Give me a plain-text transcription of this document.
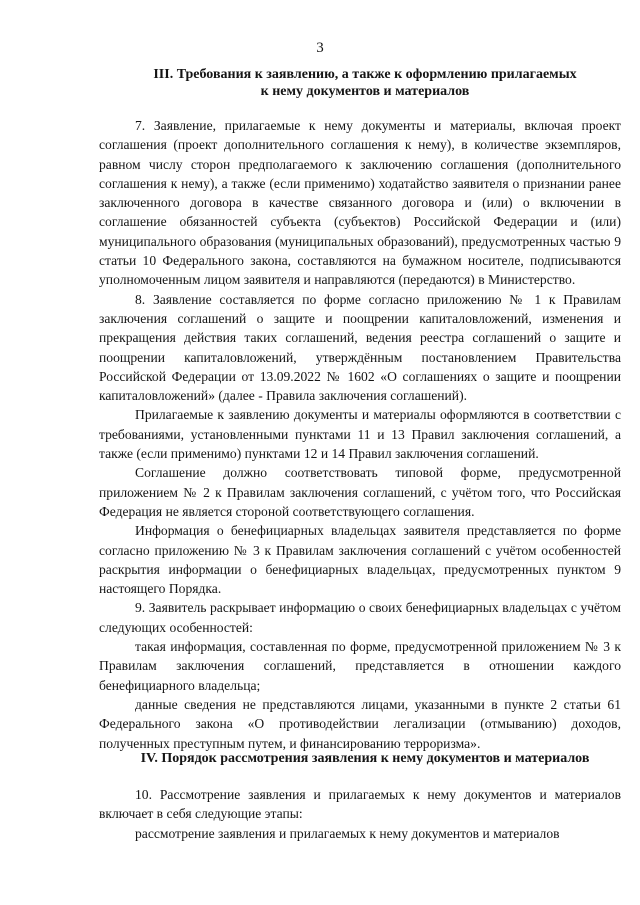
3
III. Требования к заявлению, а также к оформлению прилагаемых
к нему документов и материалов

7. Заявление, прилагаемые к нему документы и материалы, включая проект соглашения (проект дополнительного соглашения к нему), в количестве экземпляров, равном числу сторон предполагаемого к заключению соглашения (дополнительного соглашения к нему), а также (если применимо) ходатайство заявителя о признании ранее заключенного договора в качестве связанного договора и (или) о включении в соглашение обязанностей субъекта (субъектов) Российской Федерации и (или) муниципального образования (муниципальных образований), предусмотренных частью 9 статьи 10 Федерального закона, составляются на бумажном носителе, подписываются уполномоченным лицом заявителя и направляются (передаются) в Министерство.

8. Заявление составляется по форме согласно приложению № 1 к Правилам заключения соглашений о защите и поощрении капиталовложений, изменения и прекращения действия таких соглашений, ведения реестра соглашений о защите и поощрении капиталовложений, утверждённым постановлением Правительства Российской Федерации от 13.09.2022 № 1602 «О соглашениях о защите и поощрении капиталовложений» (далее - Правила заключения соглашений).

Прилагаемые к заявлению документы и материалы оформляются в соответствии с требованиями, установленными пунктами 11 и 13 Правил заключения соглашений, а также (если применимо) пунктами 12 и 14 Правил заключения соглашений.

Соглашение должно соответствовать типовой форме, предусмотренной приложением № 2 к Правилам заключения соглашений, с учётом того, что Российская Федерация не является стороной соответствующего соглашения.

Информация о бенефициарных владельцах заявителя представляется по форме согласно приложению № 3 к Правилам заключения соглашений с учётом особенностей раскрытия информации о бенефициарных владельцах, предусмотренных пунктом 9 настоящего Порядка.

9. Заявитель раскрывает информацию о своих бенефициарных владельцах с учётом следующих особенностей:

такая информация, составленная по форме, предусмотренной приложением № 3 к Правилам заключения соглашений, представляется в отношении каждого бенефициарного владельца;

данные сведения не представляются лицами, указанными в пункте 2 статьи 61 Федерального закона «О противодействии легализации (отмыванию) доходов, полученных преступным путем, и финансированию терроризма».

IV. Порядок рассмотрения заявления к нему документов и материалов

10. Рассмотрение заявления и прилагаемых к нему документов и материалов включает в себя следующие этапы:

рассмотрение заявления и прилагаемых к нему документов и материалов
